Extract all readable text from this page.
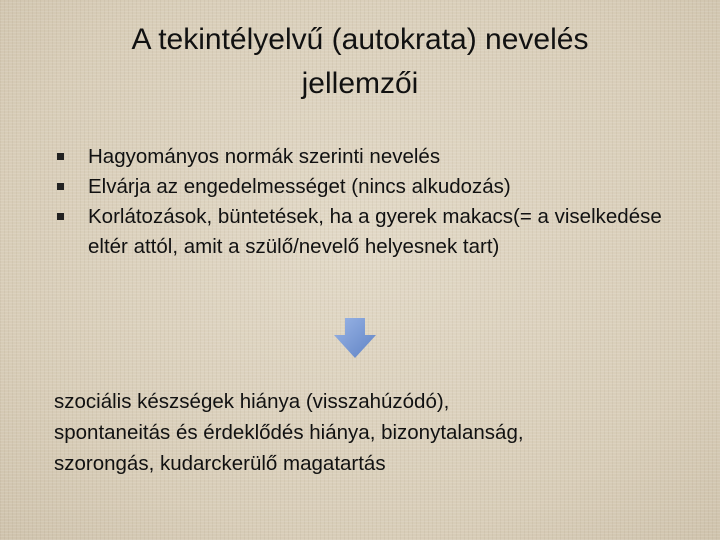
A tekintélyelvű (autokrata) nevelés
jellemzői
Hagyományos normák szerinti nevelés
Elvárja az engedelmességet (nincs alkudozás)
Korlátozások, büntetések, ha a gyerek makacs(= a viselkedése eltér attól, amit a szülő/nevelő helyesnek tart)

szociális készségek hiánya (visszahúzódó),
spontaneitás és érdeklődés hiánya, bizonytalanság,
szorongás, kudarckerülő magatartás
